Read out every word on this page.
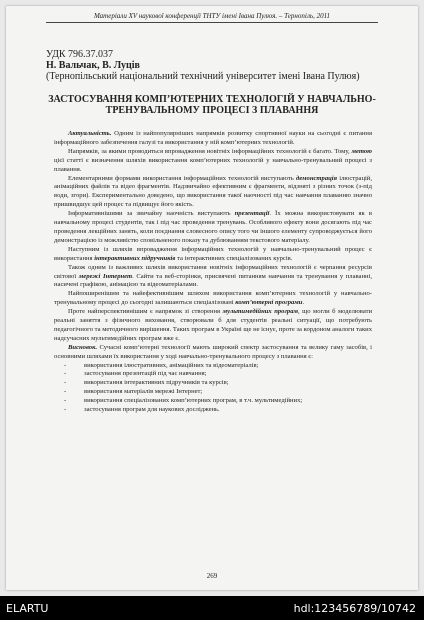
Матеріали XV наукової конференції ТНТУ імені Івана Пулюя. – Тернопіль, 2011
УДК 796.37.037
Н. Вальчак, В. Луців
(Тернопільський національний технічний університет імені Івана Пулюя)
ЗАСТОСУВАННЯ КОМП’ЮТЕРНИХ ТЕХНОЛОГІЙ У НАВЧАЛЬНО-ТРЕНУВАЛЬНОМУ ПРОЦЕСІ З ПЛАВАННЯ

Актуальність. Одним із найпопулярніших напрямків розвитку спортивної науки на сьогодні є питання інформаційного забезпечення галузі та використання у ній комп’ютерних технологій.

Напрямків, за якими проводиться впровадження новітніх інформаційних технологій є багато. Тому, метою цієї статті є визначення шляхів використання комп’ютерних технологій у навчально-тренувальний процесі з плавання.

Елементарними формами використання інформаційних технологій виступають демонстрація ілюстрацій, анімаційних файлів та відео фрагментів. Надзвичайно ефективним є фрагменти, відзняті з різних точок (з-під води, згори). Експериментально доведено, що використання такої наочності під час навчання плаванню значно пришвидшує цей процес та підвищує його якість.

Інформативнішими за звичайну наочність виступають презентації. Їх можна використовувати як в навчальному процесі студентів, так і під час проведення тренувань. Особливого ефекту вони досягають під час проведення лекційних занять, коли поєднання словесного опису того чи іншого елементу супроводжується його демонстрацією із можливістю сповільненого показу та дублюванням текстового матеріалу.

Наступним із шляхів впровадження інформаційних технологій у навчально-тренувальний процес є використання інтерактивних підручників та інтерактивних спеціалізованих курсів.

Також одним із важливих шляхів використання новітніх інформаційних технологій є черпання ресурсів світової мережі Інтернет. Сайти та веб-сторінки, присвячені питанням навчання та тренування у плаванні, насичені графікою, анімацією та відеоматеріалами.

Найпоширенішим та найефективнішим шляхом використання комп’ютерних технологій у навчально-тренувальному процесі до сьогодні залишаються спеціалізовані комп’ютерні програми.

Проте найперспективнішим є напрямок зі створення мультимедійних програм, що могли б моделювати реальні заняття з фізичного виховання, створювали б для студентів реальні ситуації, що потребують педагогічного та методичного вирішення. Таких програм в Україні ще не існує, проте за кордоном аналоги таких надсучасних мультимедійних програм вже є.

Висновок. Сучасні комп’ютерні технології мають широкий спектр застосування та велику гаму засобів, і основними шляхами їх використання у ході навчально-тренувального процесу з плавання є:

- використання ілюстративних, анімаційних та відеоматеріалів;
- застосування презентацій під час навчання;
- використання інтерактивних підручників та курсів;
- використання матеріалів мережі Інтернет;
- використання спеціалізованих комп’ютерних програм, в т.ч. мультимедійних;
- застосування програм для наукових досліджень.
269
ELARTU	hdl:123456789/10742
